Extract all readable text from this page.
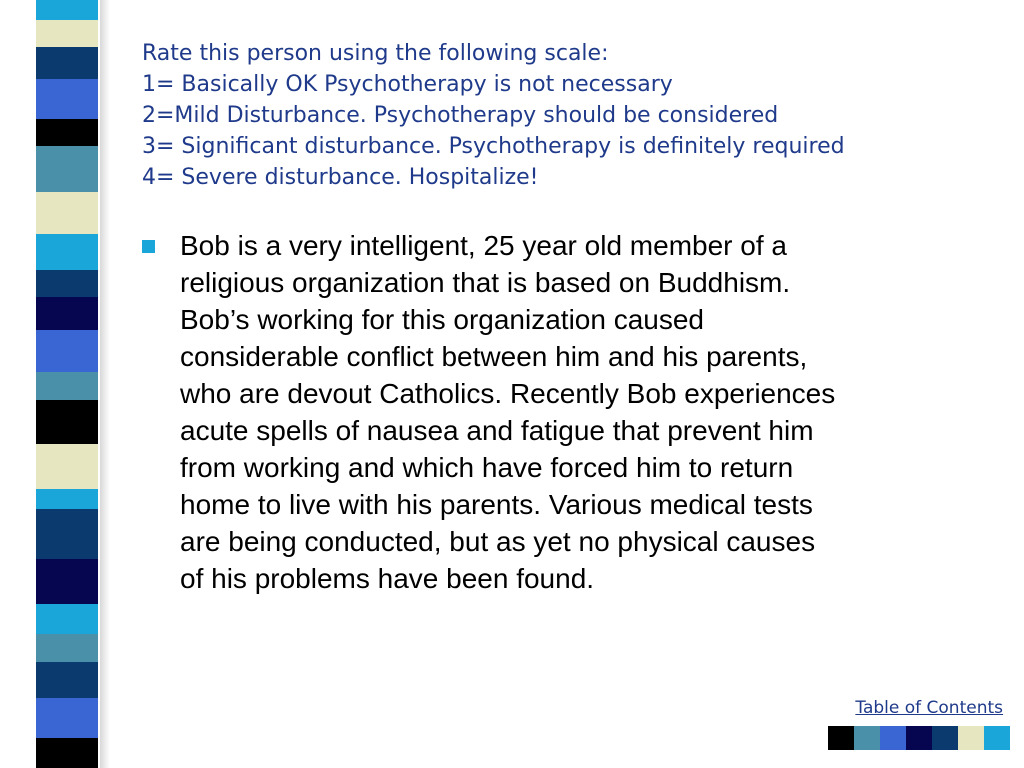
Rate this person using the following scale:
1= Basically OK Psychotherapy is not necessary
2=Mild Disturbance. Psychotherapy should be considered
3= Significant disturbance. Psychotherapy is definitely required
4= Severe disturbance. Hospitalize!
Bob is a very intelligent, 25 year old member of a
religious organization that is based on Buddhism.
Bob’s working for this organization caused
considerable conflict between him and his parents,
who are devout Catholics. Recently Bob experiences
acute spells of nausea and fatigue that prevent him
from working and which have forced him to return
home to live with his parents. Various medical tests
are being conducted, but as yet no physical causes
of his problems have been found.
Table of Contents
